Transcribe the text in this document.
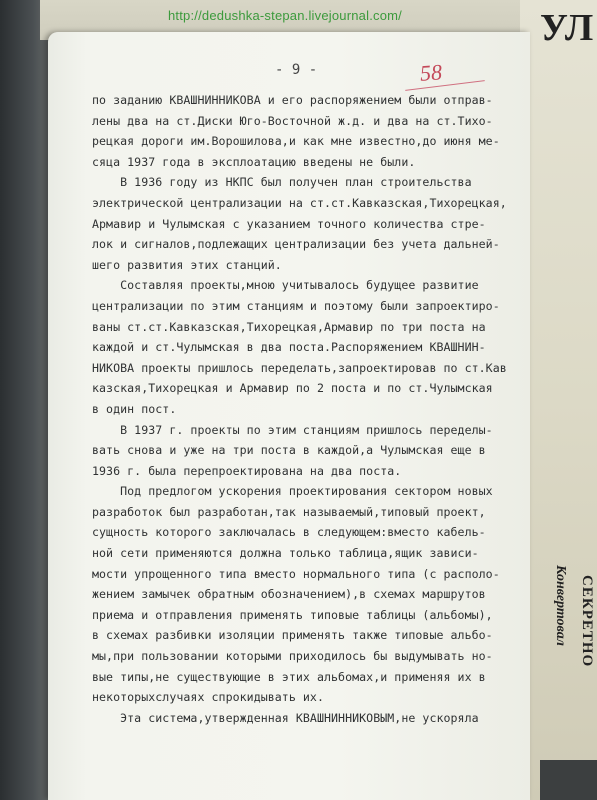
УЛ
СЕКРЕТНО
Конвертовал
http://dedushka-stepan.livejournal.com/
- 9 -	58
по заданию КВАШНИННИКОВА и его распоряжением были отправ-
лены два на ст.Диски Юго-Восточной ж.д. и два на ст.Тихо-
рецкая дороги им.Ворошилова,и как мне известно,до июня ме-
сяца 1937 года в эксплоатацию введены не были.
В 1936 году из НКПС был получен план строительства
электрической централизации на ст.ст.Кавказская,Тихорецкая,
Армавир и Чулымская с указанием точного количества стре-
лок и сигналов,подлежащих централизации без учета дальней-
шего развития этих станций.
Составляя проекты,мною учитывалось будущее развитие
централизации по этим станциям и поэтому были запроектиро-
ваны ст.ст.Кавказская,Тихорецкая,Армавир по три поста на
каждой и ст.Чулымская в два поста.Распоряжением КВАШНИН-
НИКОВА проекты пришлось переделать,запроектировав по ст.Кав
казская,Тихорецкая и Армавир по 2 поста и по ст.Чулымская
в один пост.
В 1937 г. проекты по этим станциям пришлось переделы-
вать снова и уже на три поста в каждой,а Чулымская еще в
1936 г. была перепроектирована на два поста.
Под предлогом ускорения проектирования сектором новых
разработок был разработан,так называемый,типовый проект,
сущность которого заключалась в следующем:вместо кабель-
ной сети применяются должна только таблица,ящик зависи-
мости упрощенного типа вместо нормального типа (с располо-
жением замычек обратным обозначением),в схемах маршрутов
приема и отправления применять типовые таблицы (альбомы),
в схемах разбивки изоляции применять также типовые альбо-
мы,при пользовании которыми приходилось бы выдумывать но-
вые типы,не существующие в этих альбомах,и применяя их в
некоторыхслучаях спрокидывать их.
Эта система,утвержденная КВАШНИННИКОВЫМ,не ускоряла
